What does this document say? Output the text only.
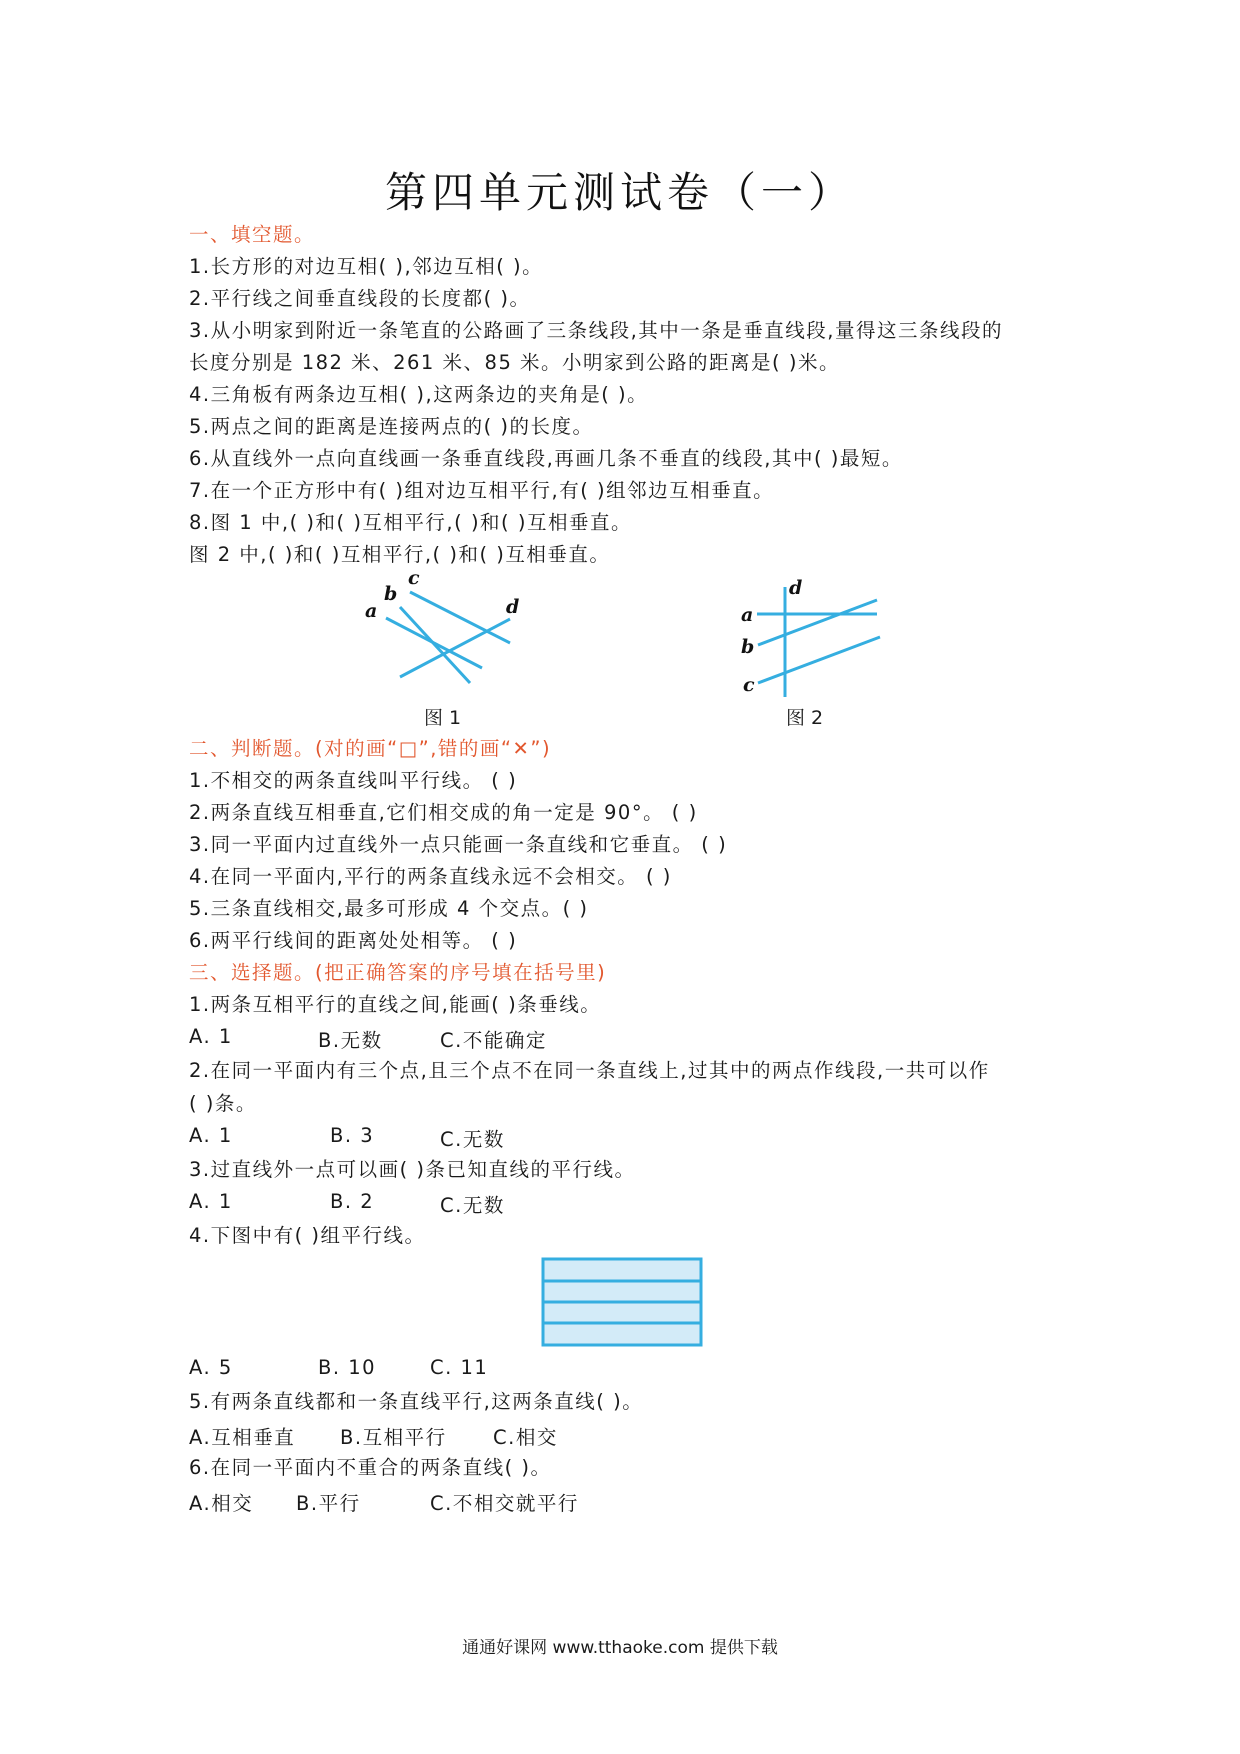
第四单元测试卷（一）
一、填空题。
1.长方形的对边互相( ),邻边互相( )。
2.平行线之间垂直线段的长度都( )。
3.从小明家到附近一条笔直的公路画了三条线段,其中一条是垂直线段,量得这三条线段的
长度分别是 182 米、261 米、85 米。小明家到公路的距离是( )米。
4.三角板有两条边互相( ),这两条边的夹角是( )。
5.两点之间的距离是连接两点的( )的长度。
6.从直线外一点向直线画一条垂直线段,再画几条不垂直的线段,其中( )最短。
7.在一个正方形中有( )组对边互相平行,有( )组邻边互相垂直。
8.图 1 中,( )和( )互相平行,( )和( )互相垂直。
图 2 中,( )和( )互相平行,( )和( )互相垂直。
a
b
c
d
图 1
a
b
c
d
图 2
二、判断题。(对的画“□”,错的画“✕”)
1.不相交的两条直线叫平行线。 ( )
2.两条直线互相垂直,它们相交成的角一定是 90°。 ( )
3.同一平面内过直线外一点只能画一条直线和它垂直。 ( )
4.在同一平面内,平行的两条直线永远不会相交。 ( )
5.三条直线相交,最多可形成 4 个交点。( )
6.两平行线间的距离处处相等。 ( )
三、选择题。(把正确答案的序号填在括号里)
1.两条互相平行的直线之间,能画( )条垂线。
A. 1	B.无数	C.不能确定
2.在同一平面内有三个点,且三个点不在同一条直线上,过其中的两点作线段,一共可以作
( )条。
A. 1	B. 3	C.无数
3.过直线外一点可以画( )条已知直线的平行线。
A. 1	B. 2	C.无数
4.下图中有( )组平行线。
A. 5	B. 10	C. 11
5.有两条直线都和一条直线平行,这两条直线( )。
A.互相垂直 B.互相平行 C.相交
6.在同一平面内不重合的两条直线( )。
A.相交 B.平行	C.不相交就平行
通通好课网 www.tthaoke.com 提供下载
